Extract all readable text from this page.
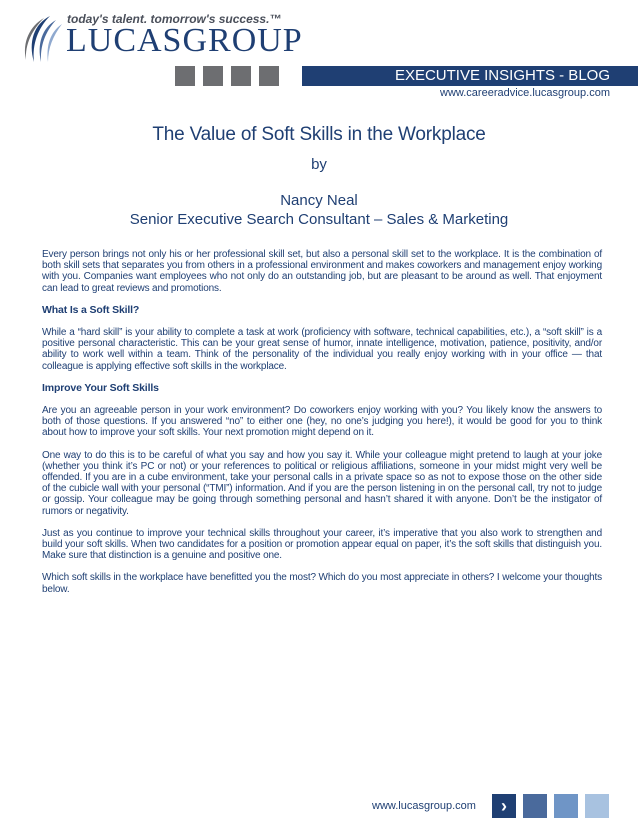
today's talent. tomorrow's success.™
LUCASGROUP
EXECUTIVE INSIGHTS - BLOG
www.careeradvice.lucasgroup.com
The Value of Soft Skills in the Workplace
by
Nancy Neal
Senior Executive Search Consultant – Sales & Marketing

Every person brings not only his or her professional skill set, but also a personal skill set to the workplace. It is the combination of both skill sets that separates you from others in a professional environment and makes coworkers and management enjoy working with you. Companies want employees who not only do an outstanding job, but are pleasant to be around as well. That enjoyment can lead to great reviews and promotions.

What Is a Soft Skill?

While a “hard skill” is your ability to complete a task at work (proficiency with software, technical capabilities, etc.), a “soft skill” is a positive personal characteristic. This can be your great sense of humor, innate intelligence, motivation, patience, positivity, and/or ability to work well within a team. Think of the personality of the individual you really enjoy working with in your office — that colleague is applying effective soft skills in the workplace.

Improve Your Soft Skills

Are you an agreeable person in your work environment? Do coworkers enjoy working with you? You likely know the answers to both of those questions. If you answered “no” to either one (hey, no one’s judging you here!), it would be good for you to think about how to improve your soft skills. Your next promotion might depend on it.

One way to do this is to be careful of what you say and how you say it. While your colleague might pretend to laugh at your joke (whether you think it’s PC or not) or your references to political or religious affiliations, someone in your midst might very well be offended. If you are in a cube environment, take your personal calls in a private space so as not to expose those on the other side of the cubicle wall with your personal (“TMI”) information. And if you are the person listening in on the personal call, try not to judge or gossip. Your colleague may be going through something personal and hasn’t shared it with anyone. Don’t be the instigator of rumors or negativity.

Just as you continue to improve your technical skills throughout your career, it’s imperative that you also work to strengthen and build your soft skills. When two candidates for a position or promotion appear equal on paper, it’s the soft skills that distinguish you. Make sure that distinction is a genuine and positive one.

Which soft skills in the workplace have benefitted you the most? Which do you most appreciate in others? I welcome your thoughts below.

www.lucasgroup.com	›
